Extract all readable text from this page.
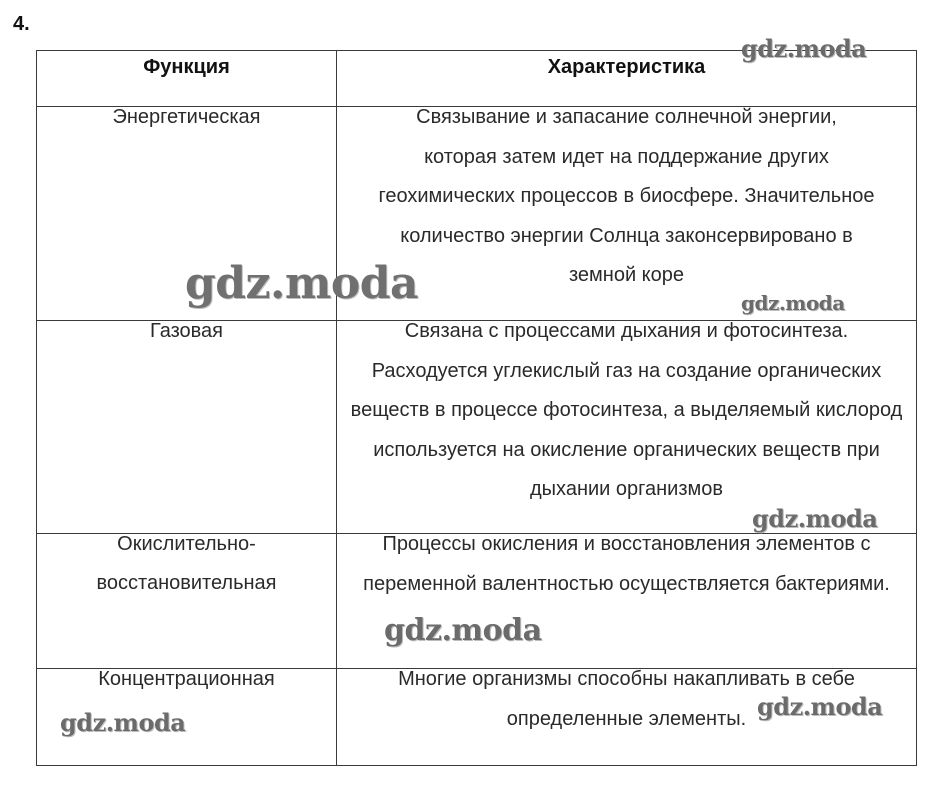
4.
Функция	Характеристика

Энергетическая	Связывание и запасание солнечной энергии, которая затем идет на поддержание других геохимических процессов в биосфере. Значительное количество энергии Солнца законсервировано в земной коре

Газовая	Связана с процессами дыхания и фотосинтеза. Расходуется углекислый газ на создание органических веществ в процессе фотосинтеза, а выделяемый кислород используется на окисление органических веществ при дыхании организмов

Окислительно-восстановительная	Процессы окисления и восстановления элементов с переменной валентностью осуществляется бактериями.

Концентрационная	Многие организмы способны накапливать в себе определенные элементы.
gdz.moda
gdz.moda	gdz.moda
gdz.moda
gdz.moda
gdz.moda
gdz.moda
